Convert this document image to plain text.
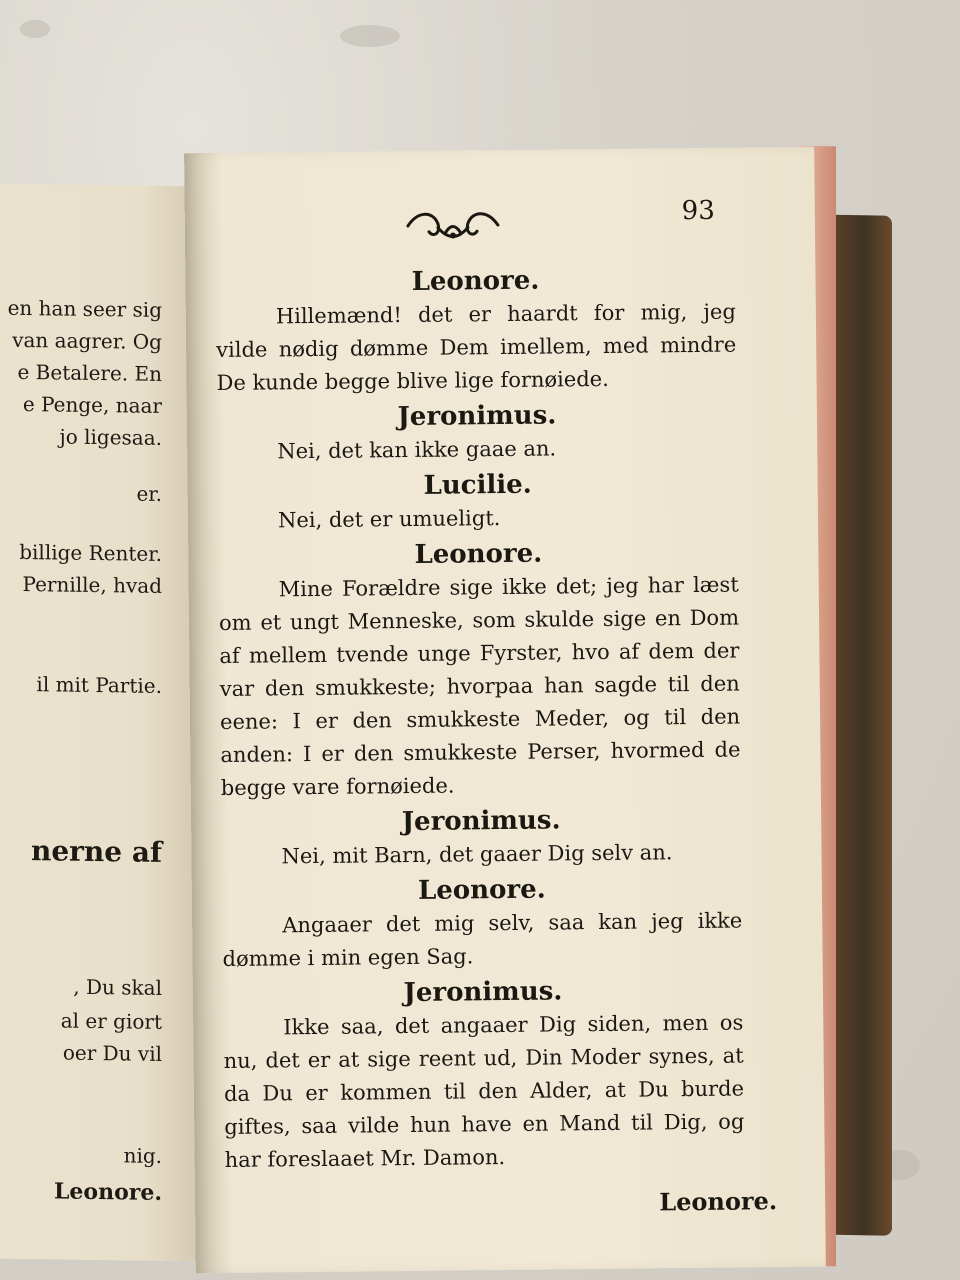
en han seer sig
van aagrer. Og
e Betalere. En
e Penge, naar
jo ligesaa.
er.
billige Renter.
Pernille, hvad
il mit Partie.
nerne af
, Du skal
al er giort
oer Du vil
nig.
Leonore.
93
Leonore.
Hillemænd! det er haardt for mig, jeg vilde nødig dømme Dem imellem, med mindre De kunde begge blive lige fornøiede.
Jeronimus.
Nei, det kan ikke gaae an.
Lucilie.
Nei, det er umueligt.
Leonore.
Mine Forældre sige ikke det; jeg har læst om et ungt Menneske, som skulde sige en Dom af mellem tvende unge Fyrster, hvo af dem der var den smukkeste; hvorpaa han sagde til den eene: I er den smukkeste Meder, og til den anden: I er den smukkeste Perser, hvormed de begge vare fornøiede.
Jeronimus.
Nei, mit Barn, det gaaer Dig selv an.
Leonore.
Angaaer det mig selv, saa kan jeg ikke dømme i min egen Sag.
Jeronimus.
Ikke saa, det angaaer Dig siden, men os nu, det er at sige reent ud, Din Moder synes, at da Du er kommen til den Alder, at Du burde giftes, saa vilde hun have en Mand til Dig, og har foreslaaet Mr. Damon.
Leonore.
